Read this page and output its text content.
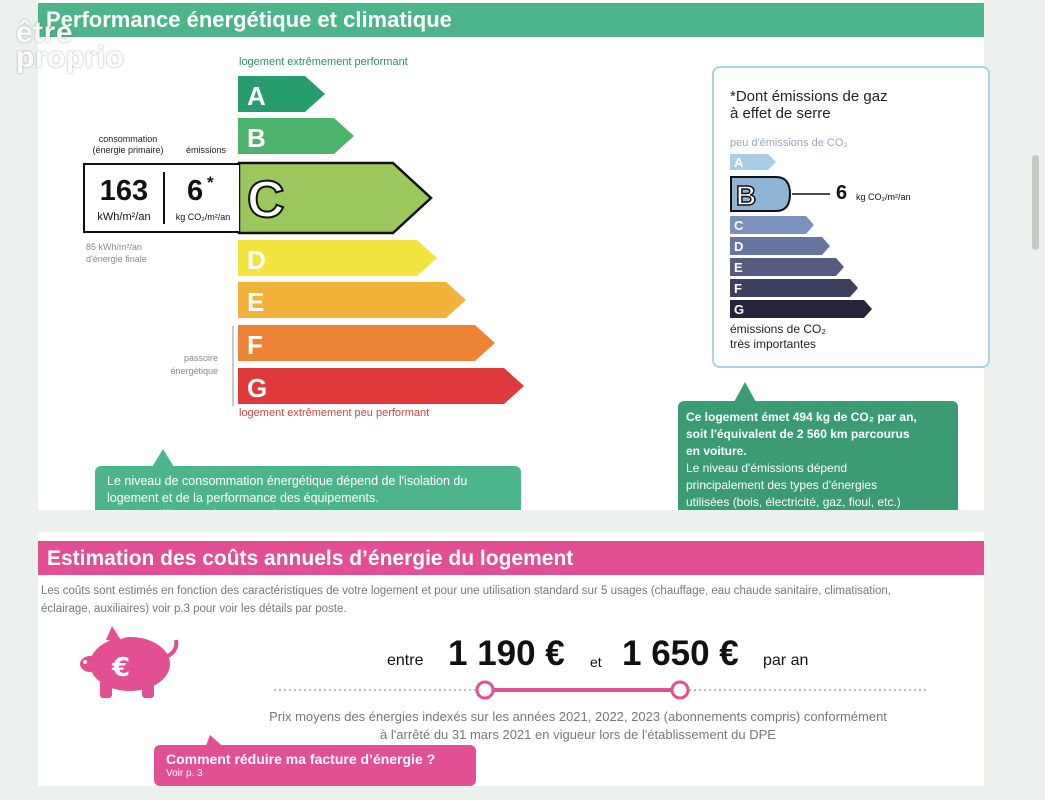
Performance énergétique et climatique
logement extrêmement performant
logement extrêmement peu performant
A
B
C
D
E
F
G
passoire
énergétique
consommation
(énergie primaire)	émissions
163
kWh/m²/an
6 *
kg CO₂/m²/an
85 kWh/m²/an
d'énergie finale
Le niveau de consommation énergétique dépend de l'isolation du
logement et de la performance des équipements.
*Dont émissions de gaz
à effet de serre
peu d'émissions de CO₂
A
B
C
D
E
F
G
6 kg CO₂/m²/an
émissions de CO₂
très importantes
Ce logement émet 494 kg de CO₂ par an,
soit l'équivalent de 2 560 km parcourus
en voiture.
Le niveau d'émissions dépend
principalement des types d'énergies
utilisées (bois, électricité, gaz, fioul, etc.)
Estimation des coûts annuels d’énergie du logement
Les coûts sont estimés en fonction des caractéristiques de votre logement et pour une utilisation standard sur 5 usages (chauffage, eau chaude sanitaire, climatisation,
éclairage, auxiliaires) voir p.3 pour voir les détails par poste.
€	entre 1 190 € et 1 650 € par an
Prix moyens des énergies indexés sur les années 2021, 2022, 2023 (abonnements compris) conformément
à l'arrêté du 31 mars 2021 en vigueur lors de l'établissement du DPE
Comment réduire ma facture d’énergie ?
Voir p. 3
être
proprio
